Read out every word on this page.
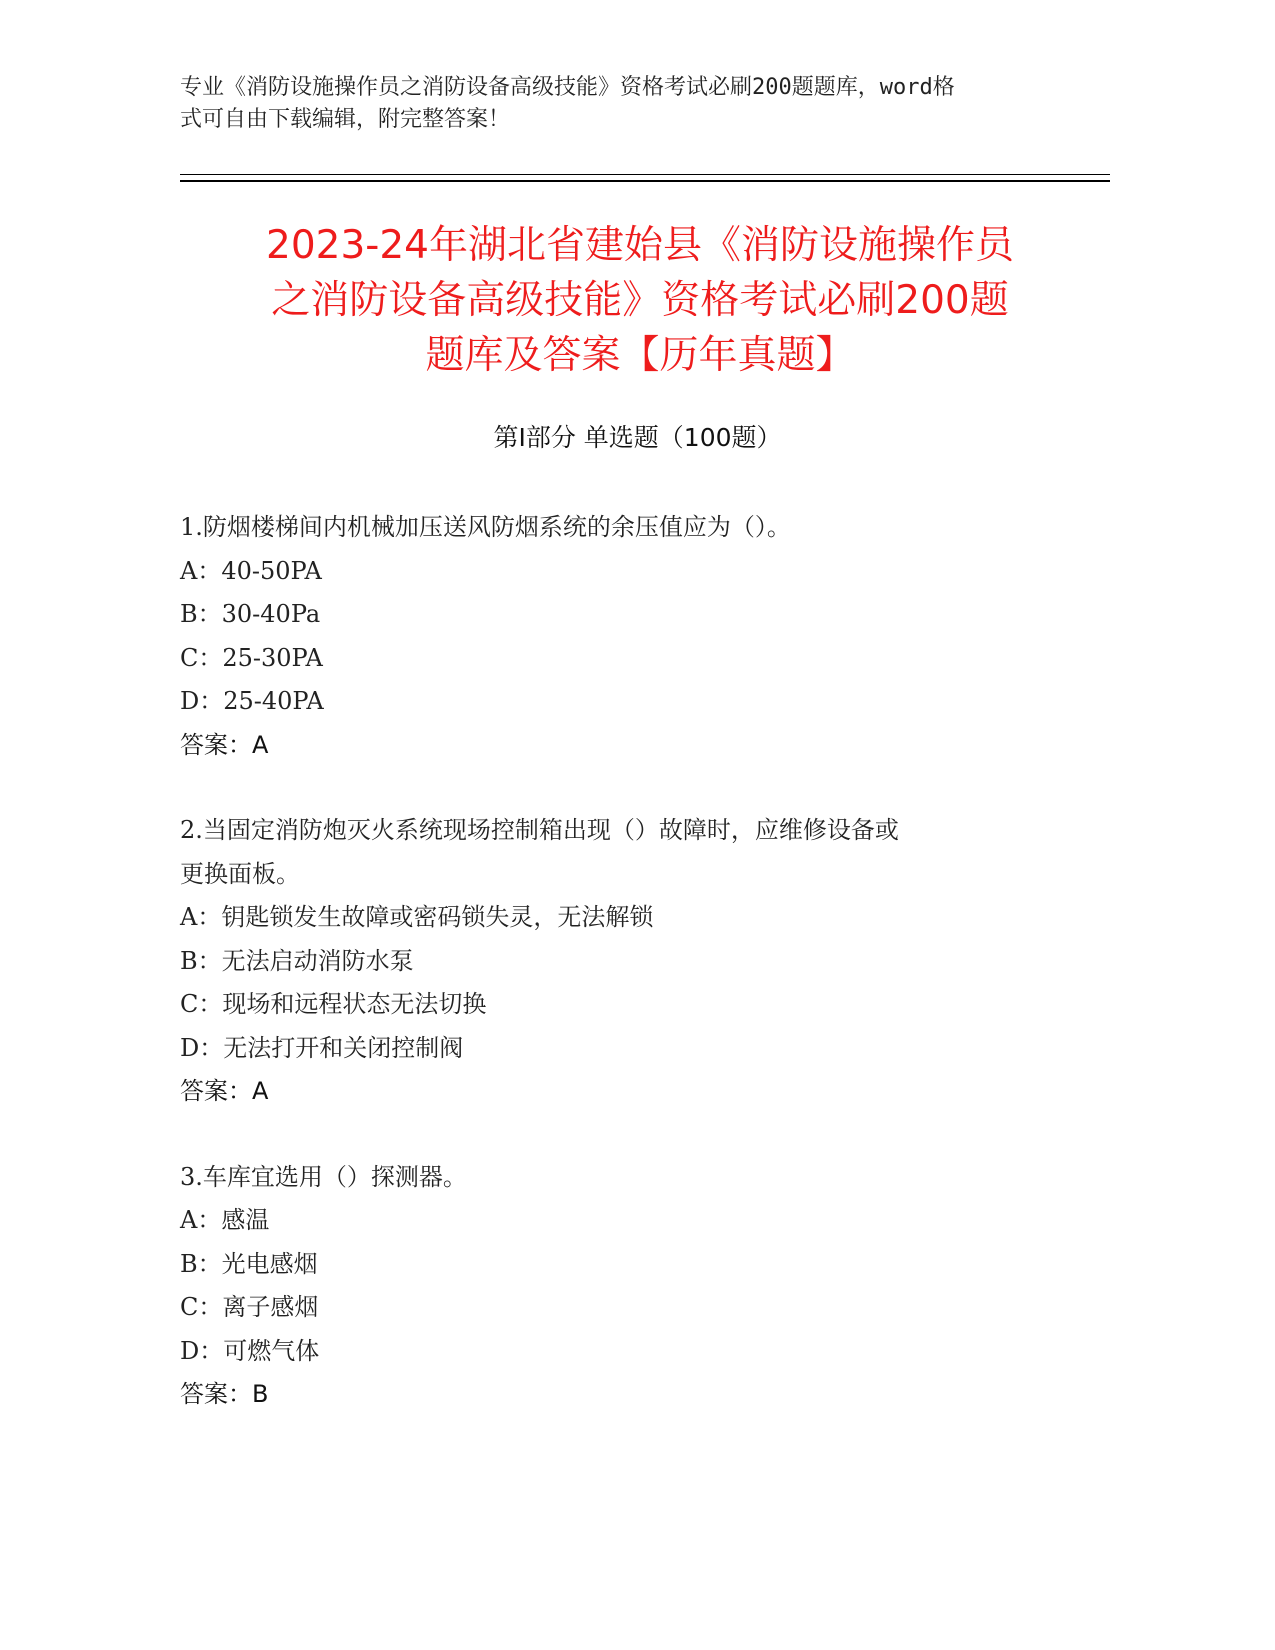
专业《消防设施操作员之消防设备高级技能》资格考试必刷200题题库，word格
式可自由下载编辑，附完整答案！
2023-24年湖北省建始县《消防设施操作员
之消防设备高级技能》资格考试必刷200题
题库及答案【历年真题】
第Ⅰ部分 单选题（100题）
1.防烟楼梯间内机械加压送风防烟系统的余压值应为（）。
A：40-50PA
B：30-40Pa
C：25-30PA
D：25-40PA
答案：A
2.当固定消防炮灭火系统现场控制箱出现（）故障时，应维修设备或
更换面板。
A：钥匙锁发生故障或密码锁失灵，无法解锁
B：无法启动消防水泵
C：现场和远程状态无法切换
D：无法打开和关闭控制阀
答案：A
3.车库宜选用（）探测器。
A：感温
B：光电感烟
C：离子感烟
D：可燃气体
答案：B
